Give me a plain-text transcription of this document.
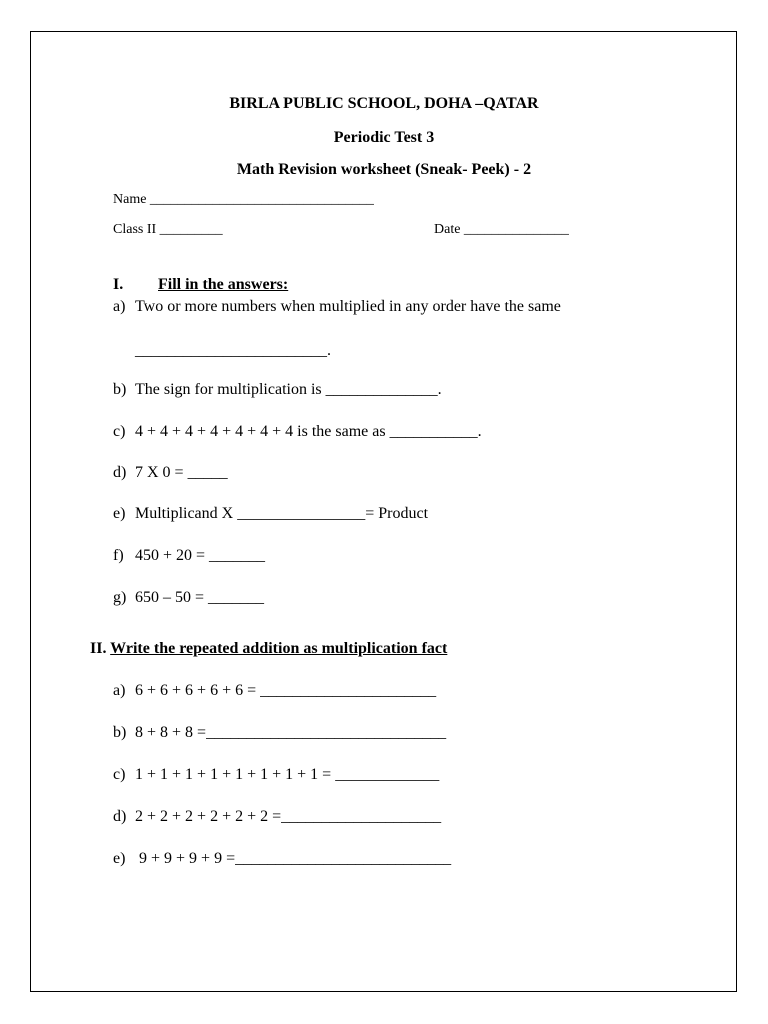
BIRLA PUBLIC SCHOOL, DOHA –QATAR
Periodic Test 3
Math Revision worksheet (Sneak- Peek) - 2
Name ________________________________
Class II _________	Date _______________
I. Fill in the answers:
a) Two or more numbers when multiplied in any order have the same
________________________.
b) The sign for multiplication is ______________.
c) 4 + 4 + 4 + 4 + 4 + 4 + 4 is the same as ___________.
d) 7 X 0 = _____
e) Multiplicand X ________________= Product
f) 450 + 20 = _______
g) 650 – 50 = _______
II. Write the repeated addition as multiplication fact
a) 6 + 6 + 6 + 6 + 6 = ______________________
b) 8 + 8 + 8 =______________________________
c) 1 + 1 + 1 + 1 + 1 + 1 + 1 + 1 = _____________
d) 2 + 2 + 2 + 2 + 2 + 2 =____________________
e) 9 + 9 + 9 + 9 =___________________________
